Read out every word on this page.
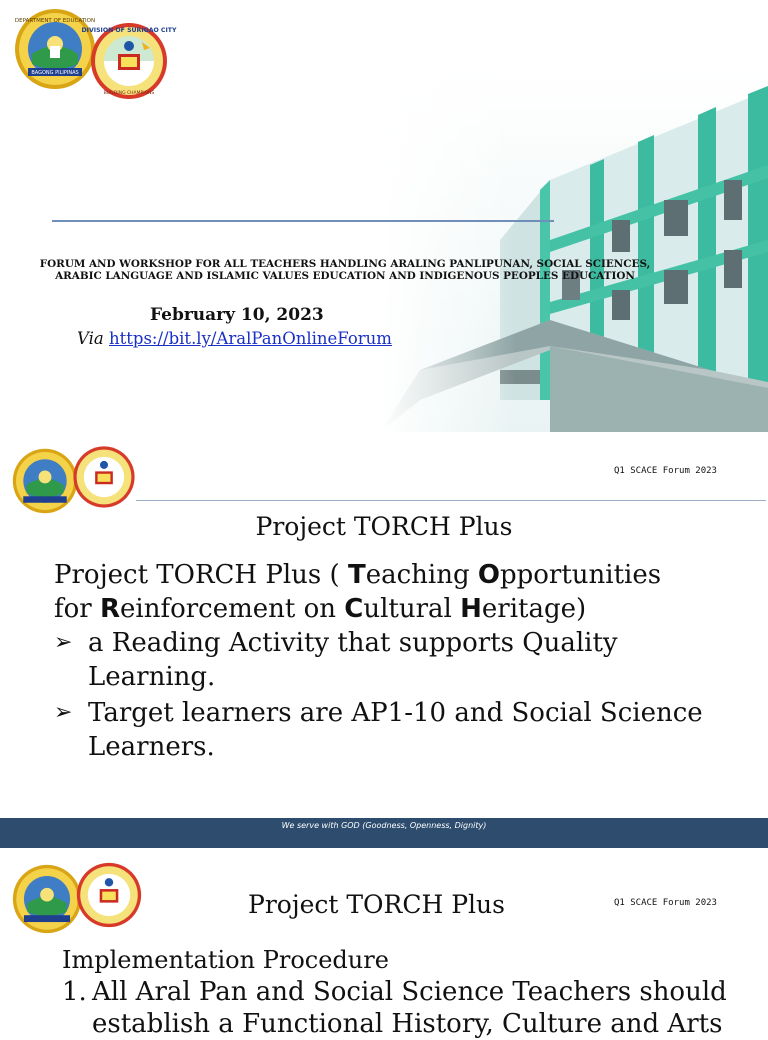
DEPARTMENT OF EDUCATION
BAGONG PILIPINAS
DIVISION OF SURIGAO CITY
BUILDING CHAMPIONS
FORUM AND WORKSHOP FOR ALL TEACHERS HANDLING ARALING PANLIPUNAN, SOCIAL SCIENCES,
ARABIC LANGUAGE AND ISLAMIC VALUES EDUCATION AND INDIGENOUS PEOPLES EDUCATION
February 10, 2023
Via https://bit.ly/AralPanOnlineForum
Q1 SCACE Forum 2023
Project TORCH Plus
Project TORCH Plus ( Teaching Opportunities
for Reinforcement on Cultural Heritage)
➢ a Reading Activity that supports Quality Learning.
➢ Target learners are AP1-10 and Social Science Learners.
We serve with GOD (Goodness, Openness, Dignity)
Project TORCH Plus	Q1 SCACE Forum 2023
Implementation Procedure
1. All Aral Pan and Social Science Teachers should
establish a Functional History, Culture and Arts
